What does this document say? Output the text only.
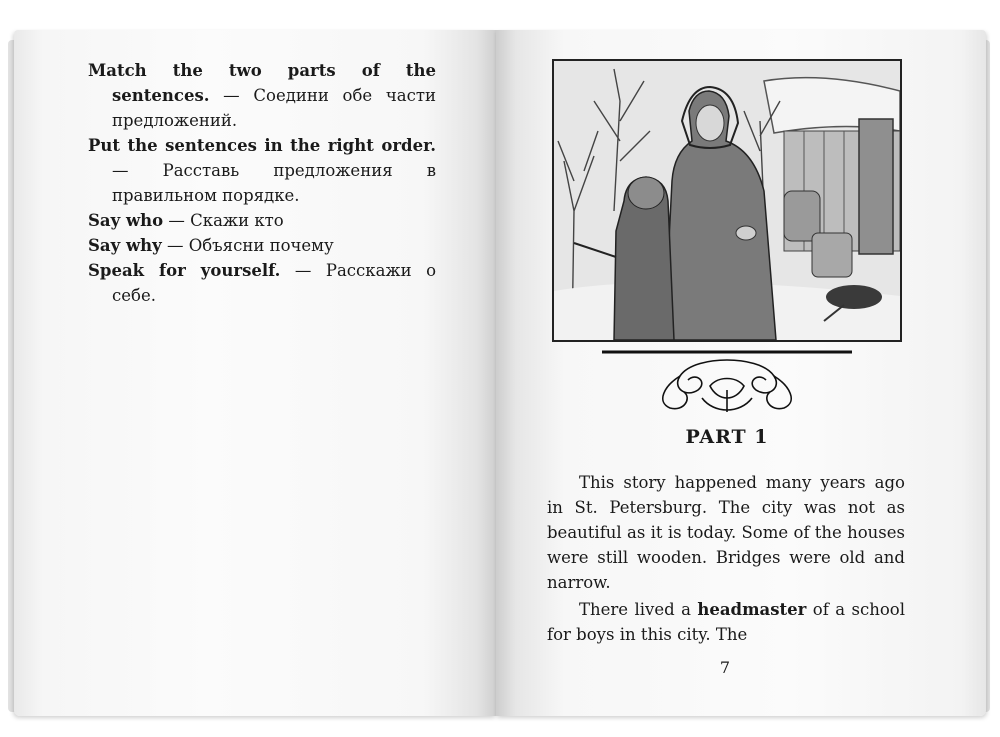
Match the two parts of the sentences. — Соедини обе части предложений.

Put the sentences in the right order. — Расставь предложения в правильном порядке.

Say who — Скажи кто

Say why — Объясни почему

Speak for yourself. — Расскажи о себе.

PART 1

This story happened many years ago in St. Petersburg. The city was not as beautiful as it is today. Some of the houses were still wooden. Bridges were old and narrow.

There lived a headmaster of a school for boys in this city. The

7
